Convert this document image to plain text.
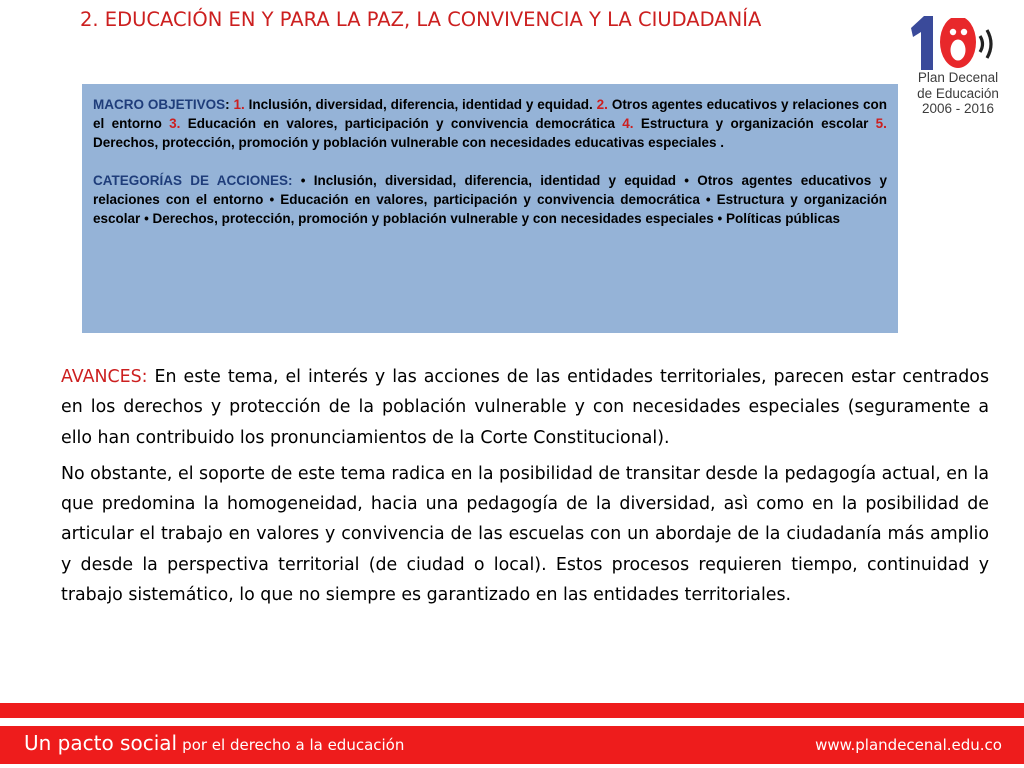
2. EDUCACIÓN EN Y PARA LA PAZ, LA CONVIVENCIA Y LA CIUDADANÍA
Plan Decenal
de Educación
2006 - 2016

MACRO OBJETIVOS: 1. Inclusión, diversidad, diferencia, identidad y equidad. 2. Otros agentes educativos y relaciones con el entorno 3. Educación en valores, participación y convivencia democrática 4. Estructura y organización escolar 5. Derechos, protección, promoción y población vulnerable con necesidades educativas especiales .

CATEGORÍAS DE ACCIONES: • Inclusión, diversidad, diferencia, identidad y equidad • Otros agentes educativos y relaciones con el entorno • Educación en valores, participación y convivencia democrática • Estructura y organización escolar • Derechos, protección, promoción y población vulnerable y con necesidades especiales • Políticas públicas

AVANCES: En este tema, el interés y las acciones de las entidades territoriales, parecen estar centrados en los derechos y protección de la población vulnerable y con necesidades especiales (seguramente a ello han contribuido los pronunciamientos de la Corte Constitucional).

No obstante, el soporte de este tema radica en la posibilidad de transitar desde la pedagogía actual, en la que predomina la homogeneidad, hacia una pedagogía de la diversidad, asì como en la posibilidad de articular el trabajo en valores y convivencia de las escuelas con un abordaje de la ciudadanía más amplio y desde la perspectiva territorial (de ciudad o local). Estos procesos requieren tiempo, continuidad y trabajo sistemático, lo que no siempre es garantizado en las entidades territoriales.

Un pacto social por el derecho a la educación	www.plandecenal.edu.co
